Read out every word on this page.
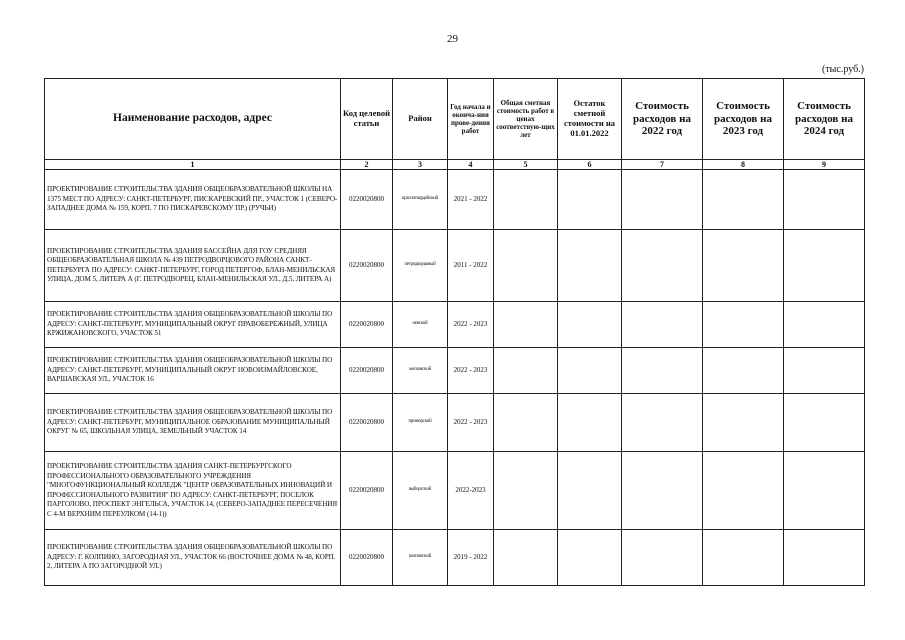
29
(тыс.руб.)
Наименование расходов, адрес	Код целевой статьи	Район	Год начала и оконча-ния прове-дения работ	Общая сметная стоимость работ в ценах соответствую-щих лет	Остаток сметной стоимости на 01.01.2022	Стоимость расходов на 2022 год	Стоимость расходов на 2023 год	Стоимость расходов на 2024 год
1	2	3	4	5	6	7	8	9
ПРОЕКТИРОВАНИЕ СТРОИТЕЛЬСТВА ЗДАНИЯ ОБЩЕОБРАЗОВАТЕЛЬНОЙ ШКОЛЫ НА 1375 МЕСТ ПО АДРЕСУ: САНКТ-ПЕТЕРБУРГ, ПИСКАРЕВСКИЙ ПР., УЧАСТОК 1 (СЕВЕРО-ЗАПАДНЕЕ ДОМА № 159, КОРП. 7 ПО ПИСКАРЕВСКОМУ ПР.) (РУЧЬИ)	0220020800	красногвардейский	2021 - 2022					
ПРОЕКТИРОВАНИЕ СТРОИТЕЛЬСТВА ЗДАНИЯ БАССЕЙНА ДЛЯ ГОУ СРЕДНЯЯ ОБЩЕОБРАЗОВАТЕЛЬНАЯ ШКОЛА № 439 ПЕТРОДВОРЦОВОГО РАЙОНА САНКТ-ПЕТЕРБУРГА ПО АДРЕСУ: САНКТ-ПЕТЕРБУРГ, ГОРОД ПЕТЕРГОФ, БЛАН-МЕНИЛЬСКАЯ УЛИЦА, ДОМ 5, ЛИТЕРА А (Г. ПЕТРОДВОРЕЦ, БЛАН-МЕНИЛЬСКАЯ УЛ., Д.5, ЛИТЕРА А)	0220020800	петродворцовый	2011 - 2022					
ПРОЕКТИРОВАНИЕ СТРОИТЕЛЬСТВА ЗДАНИЯ ОБЩЕОБРАЗОВАТЕЛЬНОЙ ШКОЛЫ ПО АДРЕСУ: САНКТ-ПЕТЕРБУРГ, МУНИЦИПАЛЬНЫЙ ОКРУГ ПРАВОБЕРЕЖНЫЙ, УЛИЦА КРЖИЖАНОВСКОГО, УЧАСТОК 51	0220020800	невский	2022 - 2023					
ПРОЕКТИРОВАНИЕ СТРОИТЕЛЬСТВА ЗДАНИЯ ОБЩЕОБРАЗОВАТЕЛЬНОЙ ШКОЛЫ ПО АДРЕСУ: САНКТ-ПЕТЕРБУРГ, МУНИЦИПАЛЬНЫЙ ОКРУГ НОВОИЗМАЙЛОВСКОЕ, ВАРШАВСКАЯ УЛ., УЧАСТОК 16	0220020800	московский	2022 - 2023					
ПРОЕКТИРОВАНИЕ СТРОИТЕЛЬСТВА ЗДАНИЯ ОБЩЕОБРАЗОВАТЕЛЬНОЙ ШКОЛЫ ПО АДРЕСУ: САНКТ-ПЕТЕРБУРГ, МУНИЦИПАЛЬНОЕ ОБРАЗОВАНИЕ МУНИЦИПАЛЬНЫЙ ОКРУГ № 65, ШКОЛЬНАЯ УЛИЦА, ЗЕМЕЛЬНЫЙ УЧАСТОК 14	0220020800	приморский	2022 - 2023					
ПРОЕКТИРОВАНИЕ СТРОИТЕЛЬСТВА ЗДАНИЯ САНКТ-ПЕТЕРБУРГСКОГО ПРОФЕССИОНАЛЬНОГО ОБРАЗОВАТЕЛЬНОГО УЧРЕЖДЕНИЯ "МНОГОФУНКЦИОНАЛЬНЫЙ КОЛЛЕДЖ "ЦЕНТР ОБРАЗОВАТЕЛЬНЫХ ИННОВАЦИЙ И ПРОФЕССИОНАЛЬНОГО РАЗВИТИЯ" ПО АДРЕСУ: САНКТ-ПЕТЕРБУРГ, ПОСЕЛОК ПАРГОЛОВО, ПРОСПЕКТ ЭНГЕЛЬСА, УЧАСТОК 14, (СЕВЕРО-ЗАПАДНЕЕ ПЕРЕСЕЧЕНИЯ С 4-М ВЕРХНИМ ПЕРЕУЛКОМ (14-1))	0220020800	выборгский	2022-2023					
ПРОЕКТИРОВАНИЕ СТРОИТЕЛЬСТВА ЗДАНИЯ ОБЩЕОБРАЗОВАТЕЛЬНОЙ ШКОЛЫ ПО АДРЕСУ: Г. КОЛПИНО, ЗАГОРОДНАЯ УЛ., УЧАСТОК 66 (ВОСТОЧНЕЕ ДОМА № 48, КОРП. 2, ЛИТЕРА А ПО ЗАГОРОДНОЙ УЛ.)	0220020800	колпинский	2019 - 2022					
